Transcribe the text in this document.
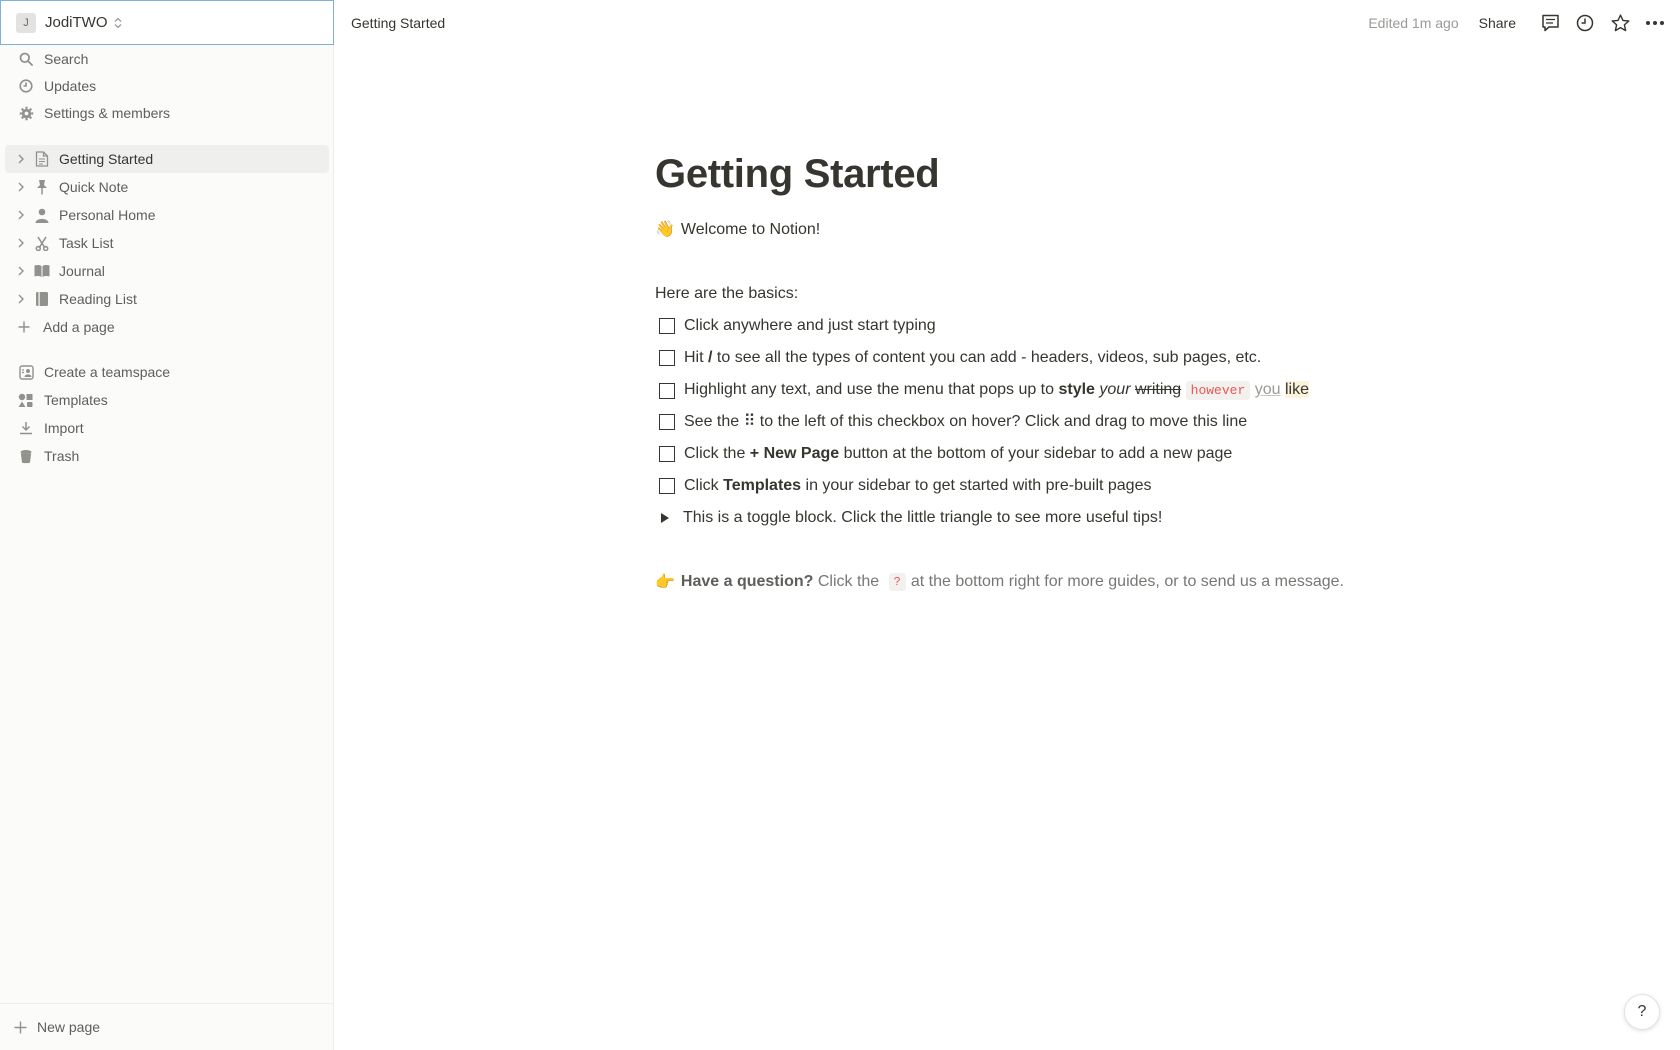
J	JodiTWO
Search
Updates
Settings & members
Getting Started
Quick Note
Personal Home
Task List
Journal
Reading List
Add a page
Create a teamspace
Templates
Import
Trash
New page
Getting Started	Edited 1m ago Share
Getting Started
👋 Welcome to Notion!
Here are the basics:
Click anywhere and just start typing
Hit / to see all the types of content you can add - headers, videos, sub pages, etc.
Highlight any text, and use the menu that pops up to style your writing however you like
See the ⠿ to the left of this checkbox on hover? Click and drag to move this line
Click the + New Page button at the bottom of your sidebar to add a new page
Click Templates in your sidebar to get started with pre-built pages
This is a toggle block. Click the little triangle to see more useful tips!
👉 Have a question? Click the ? at the bottom right for more guides, or to send us a message.
?
